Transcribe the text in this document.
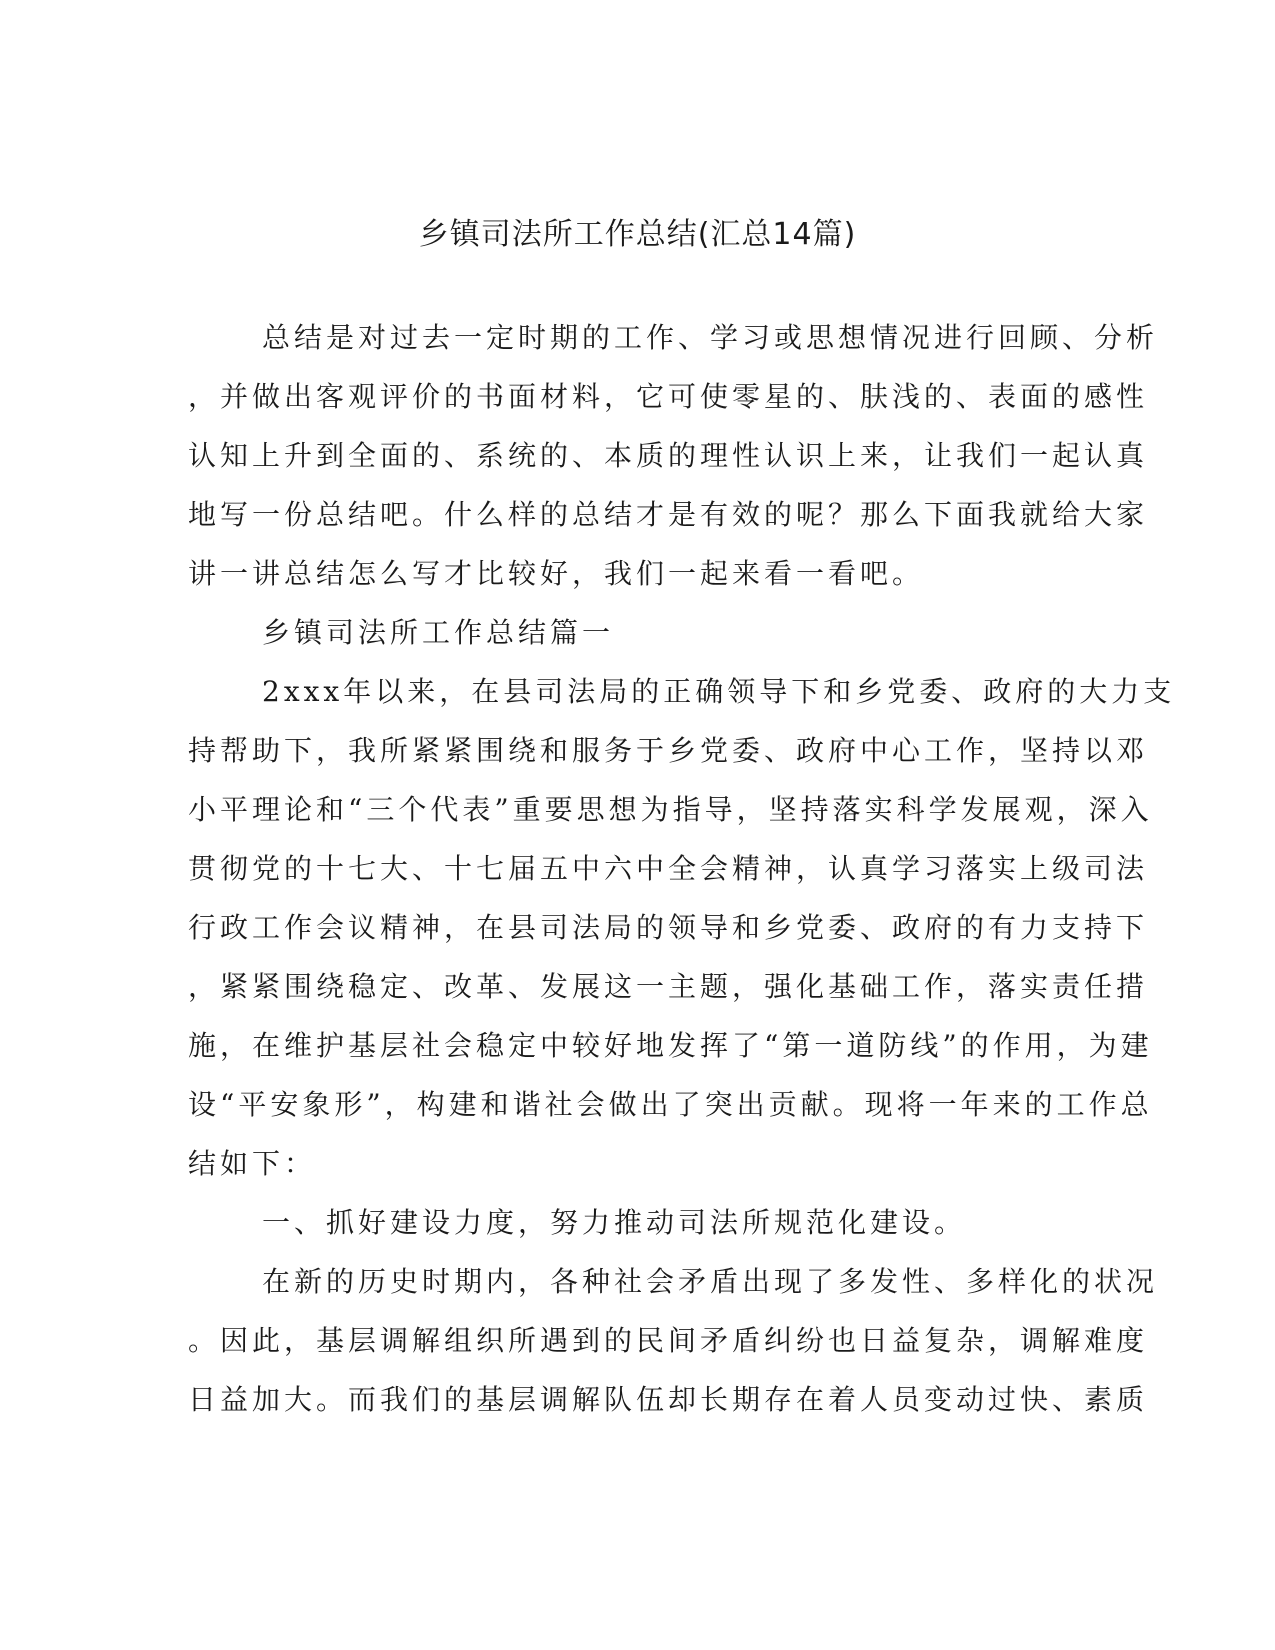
乡镇司法所工作总结(汇总14篇)

总结是对过去一定时期的工作、学习或思想情况进行回顾、分析

，并做出客观评价的书面材料，它可使零星的、肤浅的、表面的感性

认知上升到全面的、系统的、本质的理性认识上来，让我们一起认真

地写一份总结吧。什么样的总结才是有效的呢？那么下面我就给大家

讲一讲总结怎么写才比较好，我们一起来看一看吧。

乡镇司法所工作总结篇一

2xxx年以来，在县司法局的正确领导下和乡党委、政府的大力支

持帮助下，我所紧紧围绕和服务于乡党委、政府中心工作，坚持以邓

小平理论和“三个代表”重要思想为指导，坚持落实科学发展观，深入

贯彻党的十七大、十七届五中六中全会精神，认真学习落实上级司法

行政工作会议精神，在县司法局的领导和乡党委、政府的有力支持下

，紧紧围绕稳定、改革、发展这一主题，强化基础工作，落实责任措

施，在维护基层社会稳定中较好地发挥了“第一道防线”的作用，为建

设“平安象形”，构建和谐社会做出了突出贡献。现将一年来的工作总

结如下：

一、抓好建设力度，努力推动司法所规范化建设。

在新的历史时期内，各种社会矛盾出现了多发性、多样化的状况

。因此，基层调解组织所遇到的民间矛盾纠纷也日益复杂，调解难度

日益加大。而我们的基层调解队伍却长期存在着人员变动过快、素质
